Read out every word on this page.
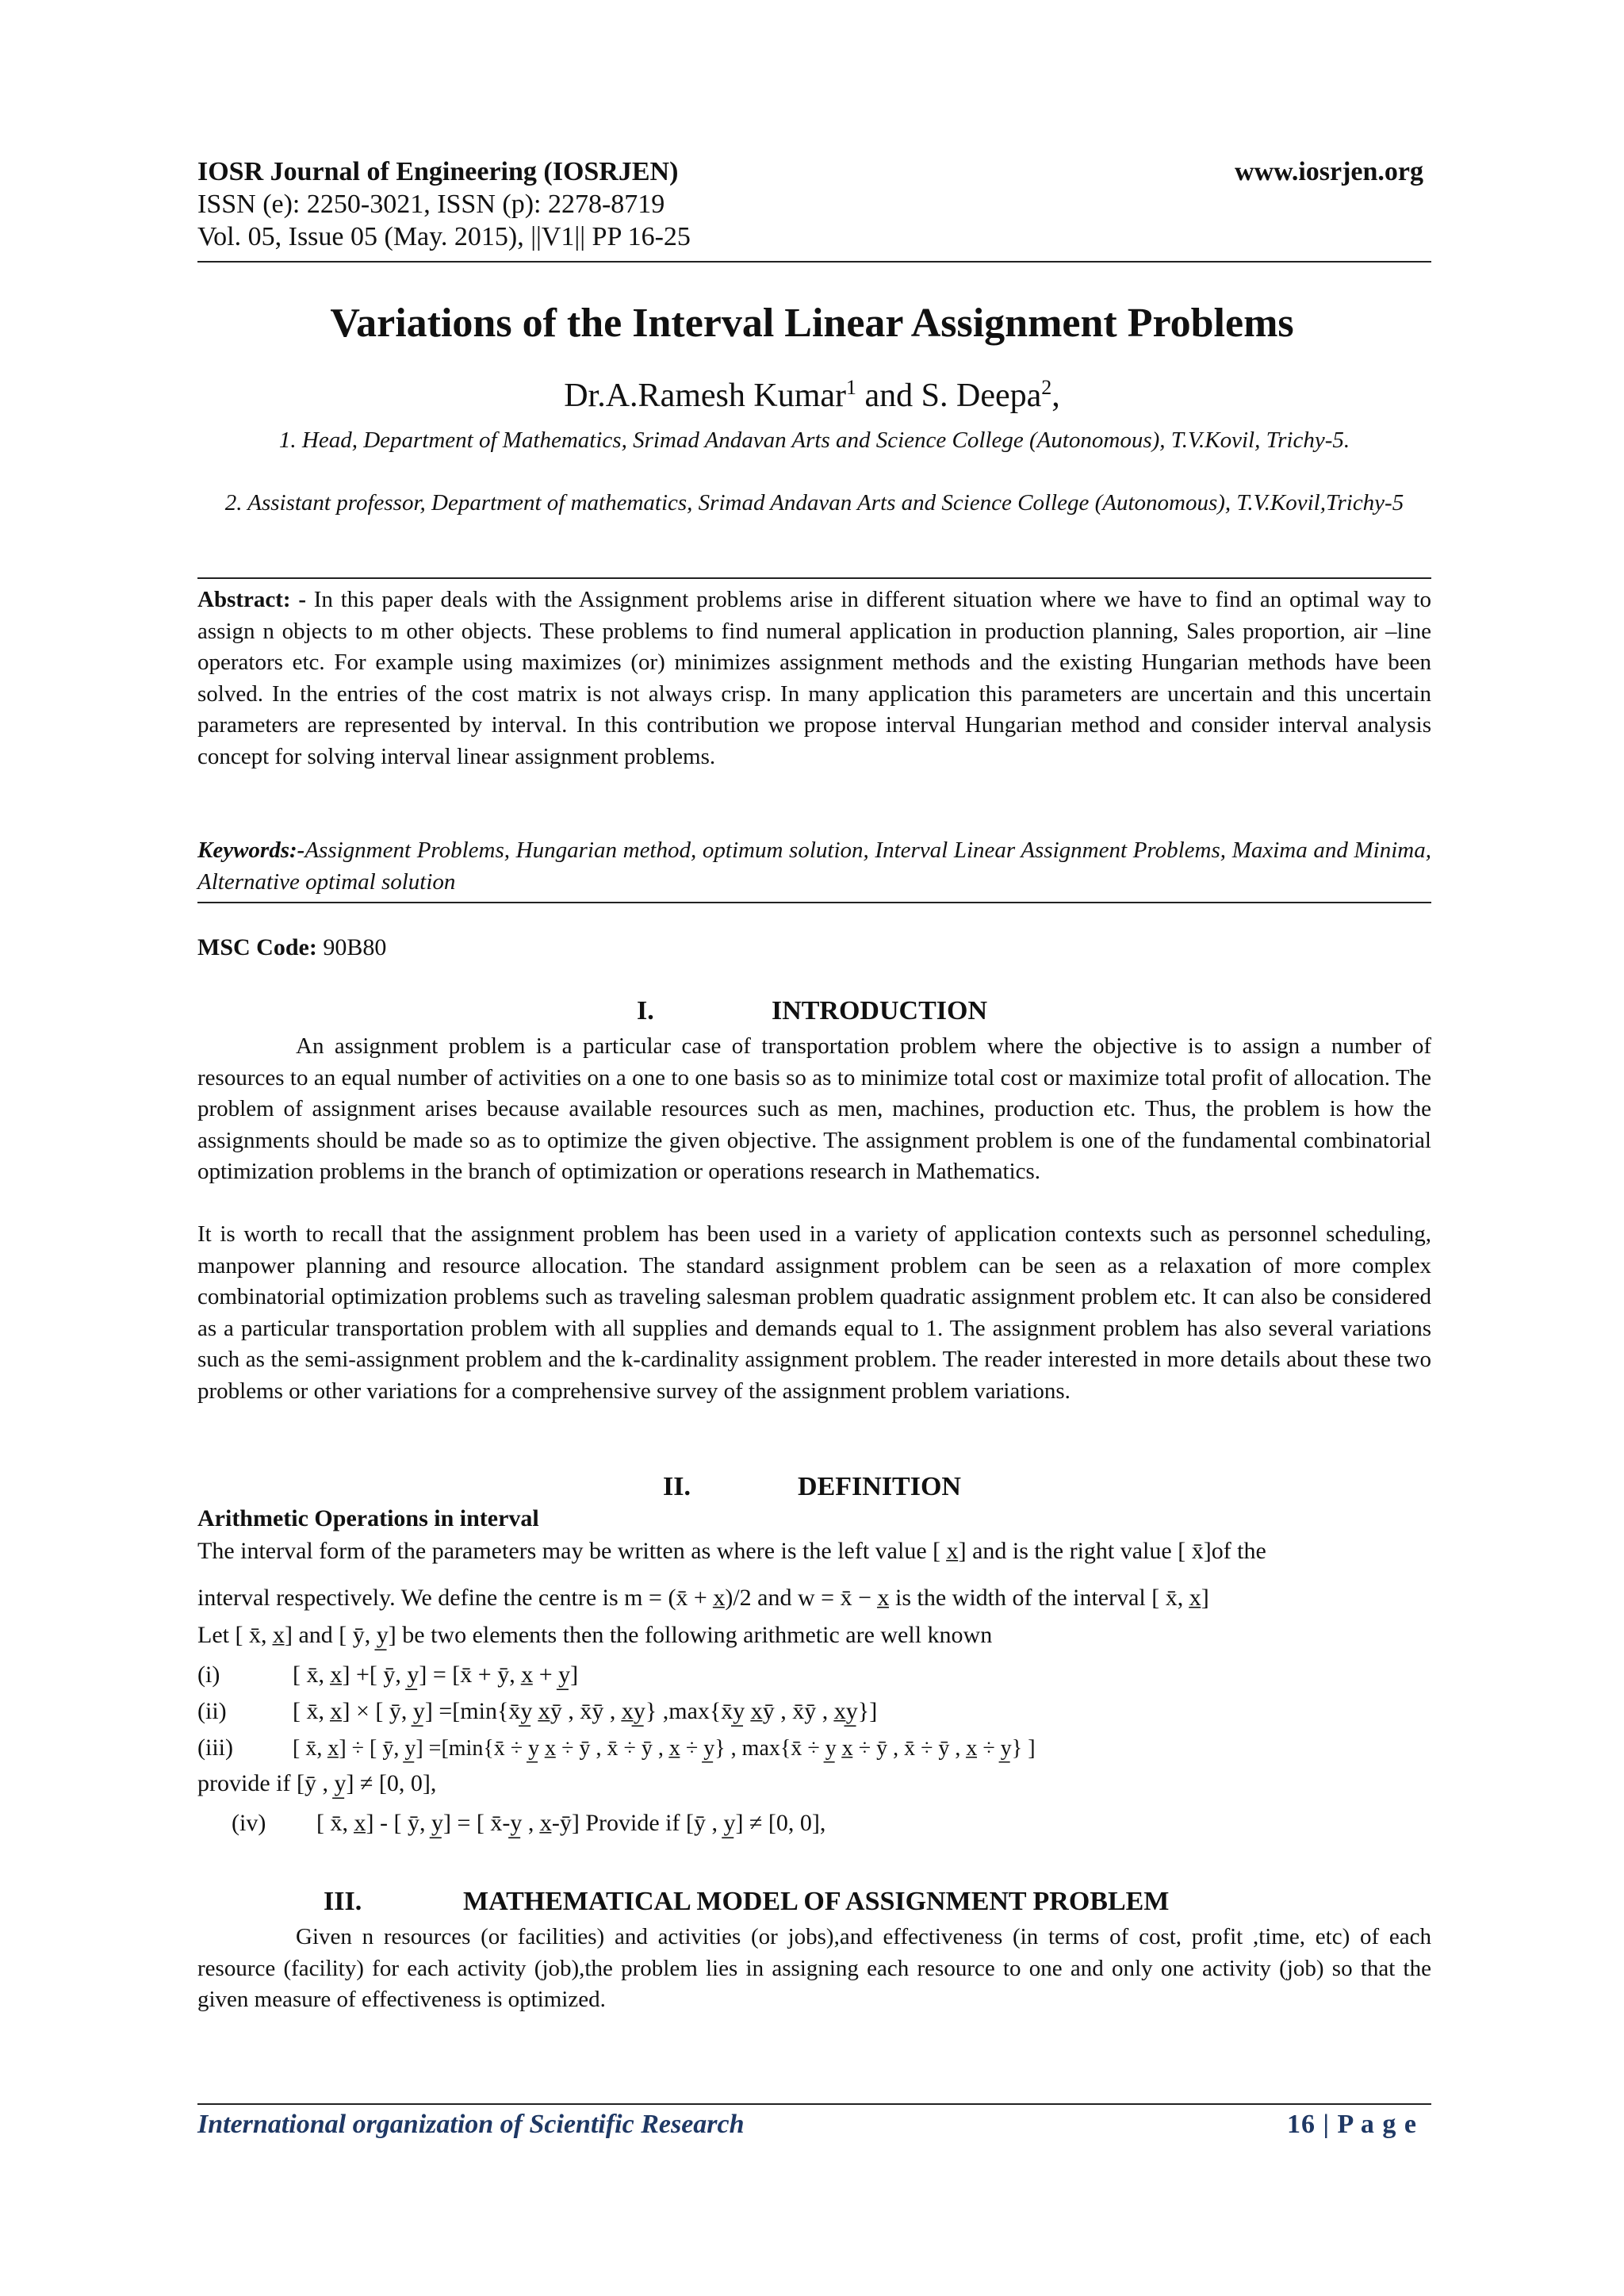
IOSR Journal of Engineering (IOSRJEN)	www.iosrjen.org
ISSN (e): 2250-3021, ISSN (p): 2278-8719
Vol. 05, Issue 05 (May. 2015), ||V1|| PP 16-25
Variations of the Interval Linear Assignment Problems
Dr.A.Ramesh Kumar$^1$ and S. Deepa$^2$,
1. Head, Department of Mathematics, Srimad Andavan Arts and Science College (Autonomous), T.V.Kovil, Trichy-5.
2. Assistant professor, Department of mathematics, Srimad Andavan Arts and Science College (Autonomous), T.V.Kovil,Trichy-5
Abstract: - In this paper deals with the Assignment problems arise in different situation where we have to find an optimal way to assign n objects to m other objects. These problems to find numeral application in production planning, Sales proportion, air –line operators etc. For example using maximizes (or) minimizes assignment methods and the existing Hungarian methods have been solved. In the entries of the cost matrix is not always crisp. In many application this parameters are uncertain and this uncertain parameters are represented by interval. In this contribution we propose interval Hungarian method and consider interval analysis concept for solving interval linear assignment problems.
Keywords:-Assignment Problems, Hungarian method, optimum solution, Interval Linear Assignment Problems, Maxima and Minima, Alternative optimal solution
MSC Code: 90B80
I.	INTRODUCTION
An assignment problem is a particular case of transportation problem where the objective is to assign a number of resources to an equal number of activities on a one to one basis so as to minimize total cost or maximize total profit of allocation. The problem of assignment arises because available resources such as men, machines, production etc. Thus, the problem is how the assignments should be made so as to optimize the given objective. The assignment problem is one of the fundamental combinatorial optimization problems in the branch of optimization or operations research in Mathematics.
It is worth to recall that the assignment problem has been used in a variety of application contexts such as personnel scheduling, manpower planning and resource allocation. The standard assignment problem can be seen as a relaxation of more complex combinatorial optimization problems such as traveling salesman problem quadratic assignment problem etc. It can also be considered as a particular transportation problem with all supplies and demands equal to 1. The assignment problem has also several variations such as the semi-assignment problem and the k-cardinality assignment problem. The reader interested in more details about these two problems or other variations for a comprehensive survey of the assignment problem variations.
II.	DEFINITION
Arithmetic Operations in interval
The interval form of the parameters may be written as where is the left value [ x̲] and is the right value [ x̄]of the
interval respectively. We define the centre is m = (x̄ + x̲)/2 and w = x̄ − x̲ is the width of the interval [ x̄, x̲]
Let [ x̄, x̲] and [ ȳ, y̲] be two elements then the following arithmetic are well known
(i)	[ x̄, x̲] +[ ȳ, y̲] = [x̄ + ȳ, x̲ + y̲]
(ii)	[ x̄, x̲] × [ ȳ, y̲] =[min{x̄y̲ x̲ȳ , x̄ȳ , x̲y̲} ,max{x̄y̲ x̲ȳ , x̄ȳ , x̲y̲}]
(iii)	[ x̄, x̲] ÷ [ ȳ, y̲] =[min{x̄ ÷ y̲ x̲ ÷ ȳ , x̄ ÷ ȳ , x̲ ÷ y̲} , max{x̄ ÷ y̲ x̲ ÷ ȳ , x̄ ÷ ȳ , x̲ ÷ y̲} ]
provide if [ȳ , y̲] ≠ [0, 0],
(iv) [ x̄, x̲] - [ ȳ, y̲] = [ x̄-y̲ , x̲-ȳ] Provide if [ȳ , y̲] ≠ [0, 0],
III.	MATHEMATICAL MODEL OF ASSIGNMENT PROBLEM
Given n resources (or facilities) and activities (or jobs),and effectiveness (in terms of cost, profit ,time, etc) of each resource (facility) for each activity (job),the problem lies in assigning each resource to one and only one activity (job) so that the given measure of effectiveness is optimized.
International organization of Scientific Research	16 | P a g e
